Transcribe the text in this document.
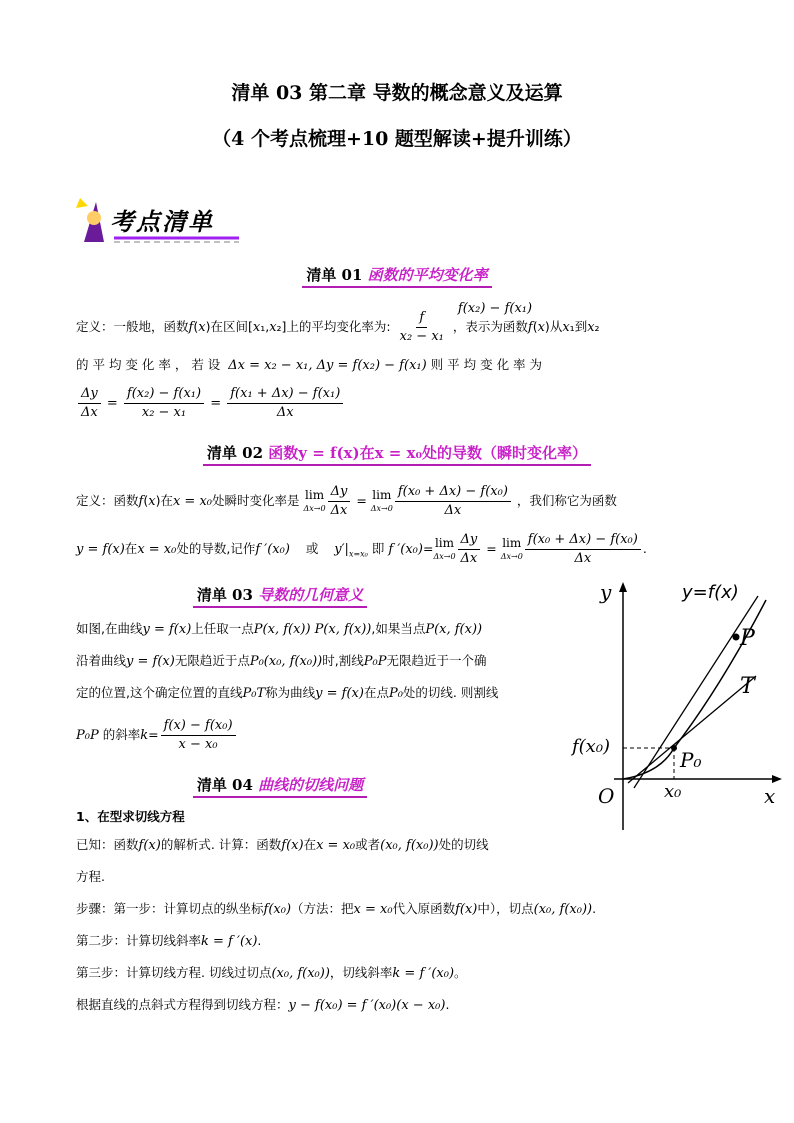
清单 03 第二章 导数的概念意义及运算
（4 个考点梳理+10 题型解读+提升训练）
考点清单
清单 01 函数的平均变化率
定义：一般地，函数f(x)在区间[x₁,x₂]上的平均变化率为: $\frac{f}{\text{x₂ − x₁}}$ ，表示为函数f(x)从x₁到x₂
f(x₂) − f(x₁)
的 平 均 变 化 率 ， 若 设 Δx = x₂ − x₁, Δy = f(x₂) − f(x₁) 则 平 均 变 化 率 为
$\frac{\Delta y}{\Delta x} = \frac{\text{f(x₂) − f(x₁)}}{\text{x₂ − x₁}} = \frac{\text{f(x₁ + Δx) − f(x₁)}}{\Delta x}$
清单 02 函数y = f(x)在x = x₀处的导数（瞬时变化率）
定义：函数f(x)在x = x₀处瞬时变化率是 lim
$\Delta x\to 0 \frac{\Delta y}{\Delta x} = \lim$
$\Delta x\to 0 \frac{\text{f(x₀ + Δx) − f(x₀)}}{\Delta x}$ ，我们称它为函数
y = f(x)在x = x₀处的导数,记作f ′(x₀) 或 $y'|_{x=x_0}$ 即 f ′(x₀)= lim
$\Delta x\to 0 \frac{\Delta y}{\Delta x} = \lim$
$\Delta x\to 0 \frac{\text{f(x₀ + Δx) − f(x₀)}}{\Delta x}$ .
清单 03 导数的几何意义
如图,在曲线y = f(x)上任取一点P(x, f(x)) P(x, f(x)),如果当点P(x, f(x))
沿着曲线y = f(x)无限趋近于点P₀(x₀, f(x₀))时,割线P₀P无限趋近于一个确
定的位置,这个确定位置的直线P₀T称为曲线y = f(x)在点P₀处的切线. 则割线
P₀P 的斜率$k= \frac{\text{f(x) − f(x₀)}}{\text{x − x₀}}$
清单 04 曲线的切线问题
1、在型求切线方程
已知：函数f(x)的解析式. 计算：函数f(x)在x = x₀或者(x₀, f(x₀))处的切线
方程.
步骤：第一步：计算切点的纵坐标f(x₀)（方法：把x = x₀代入原函数f(x)中），切点(x₀, f(x₀)).
第二步：计算切线斜率k = f ′(x).
第三步：计算切线方程. 切线过切点(x₀, f(x₀))，切线斜率k = f ′(x₀)。
根据直线的点斜式方程得到切线方程：y − f(x₀) = f ′(x₀)(x − x₀).
y
x
O
y=f(x)
P
T
f(x₀)
P₀
x₀
